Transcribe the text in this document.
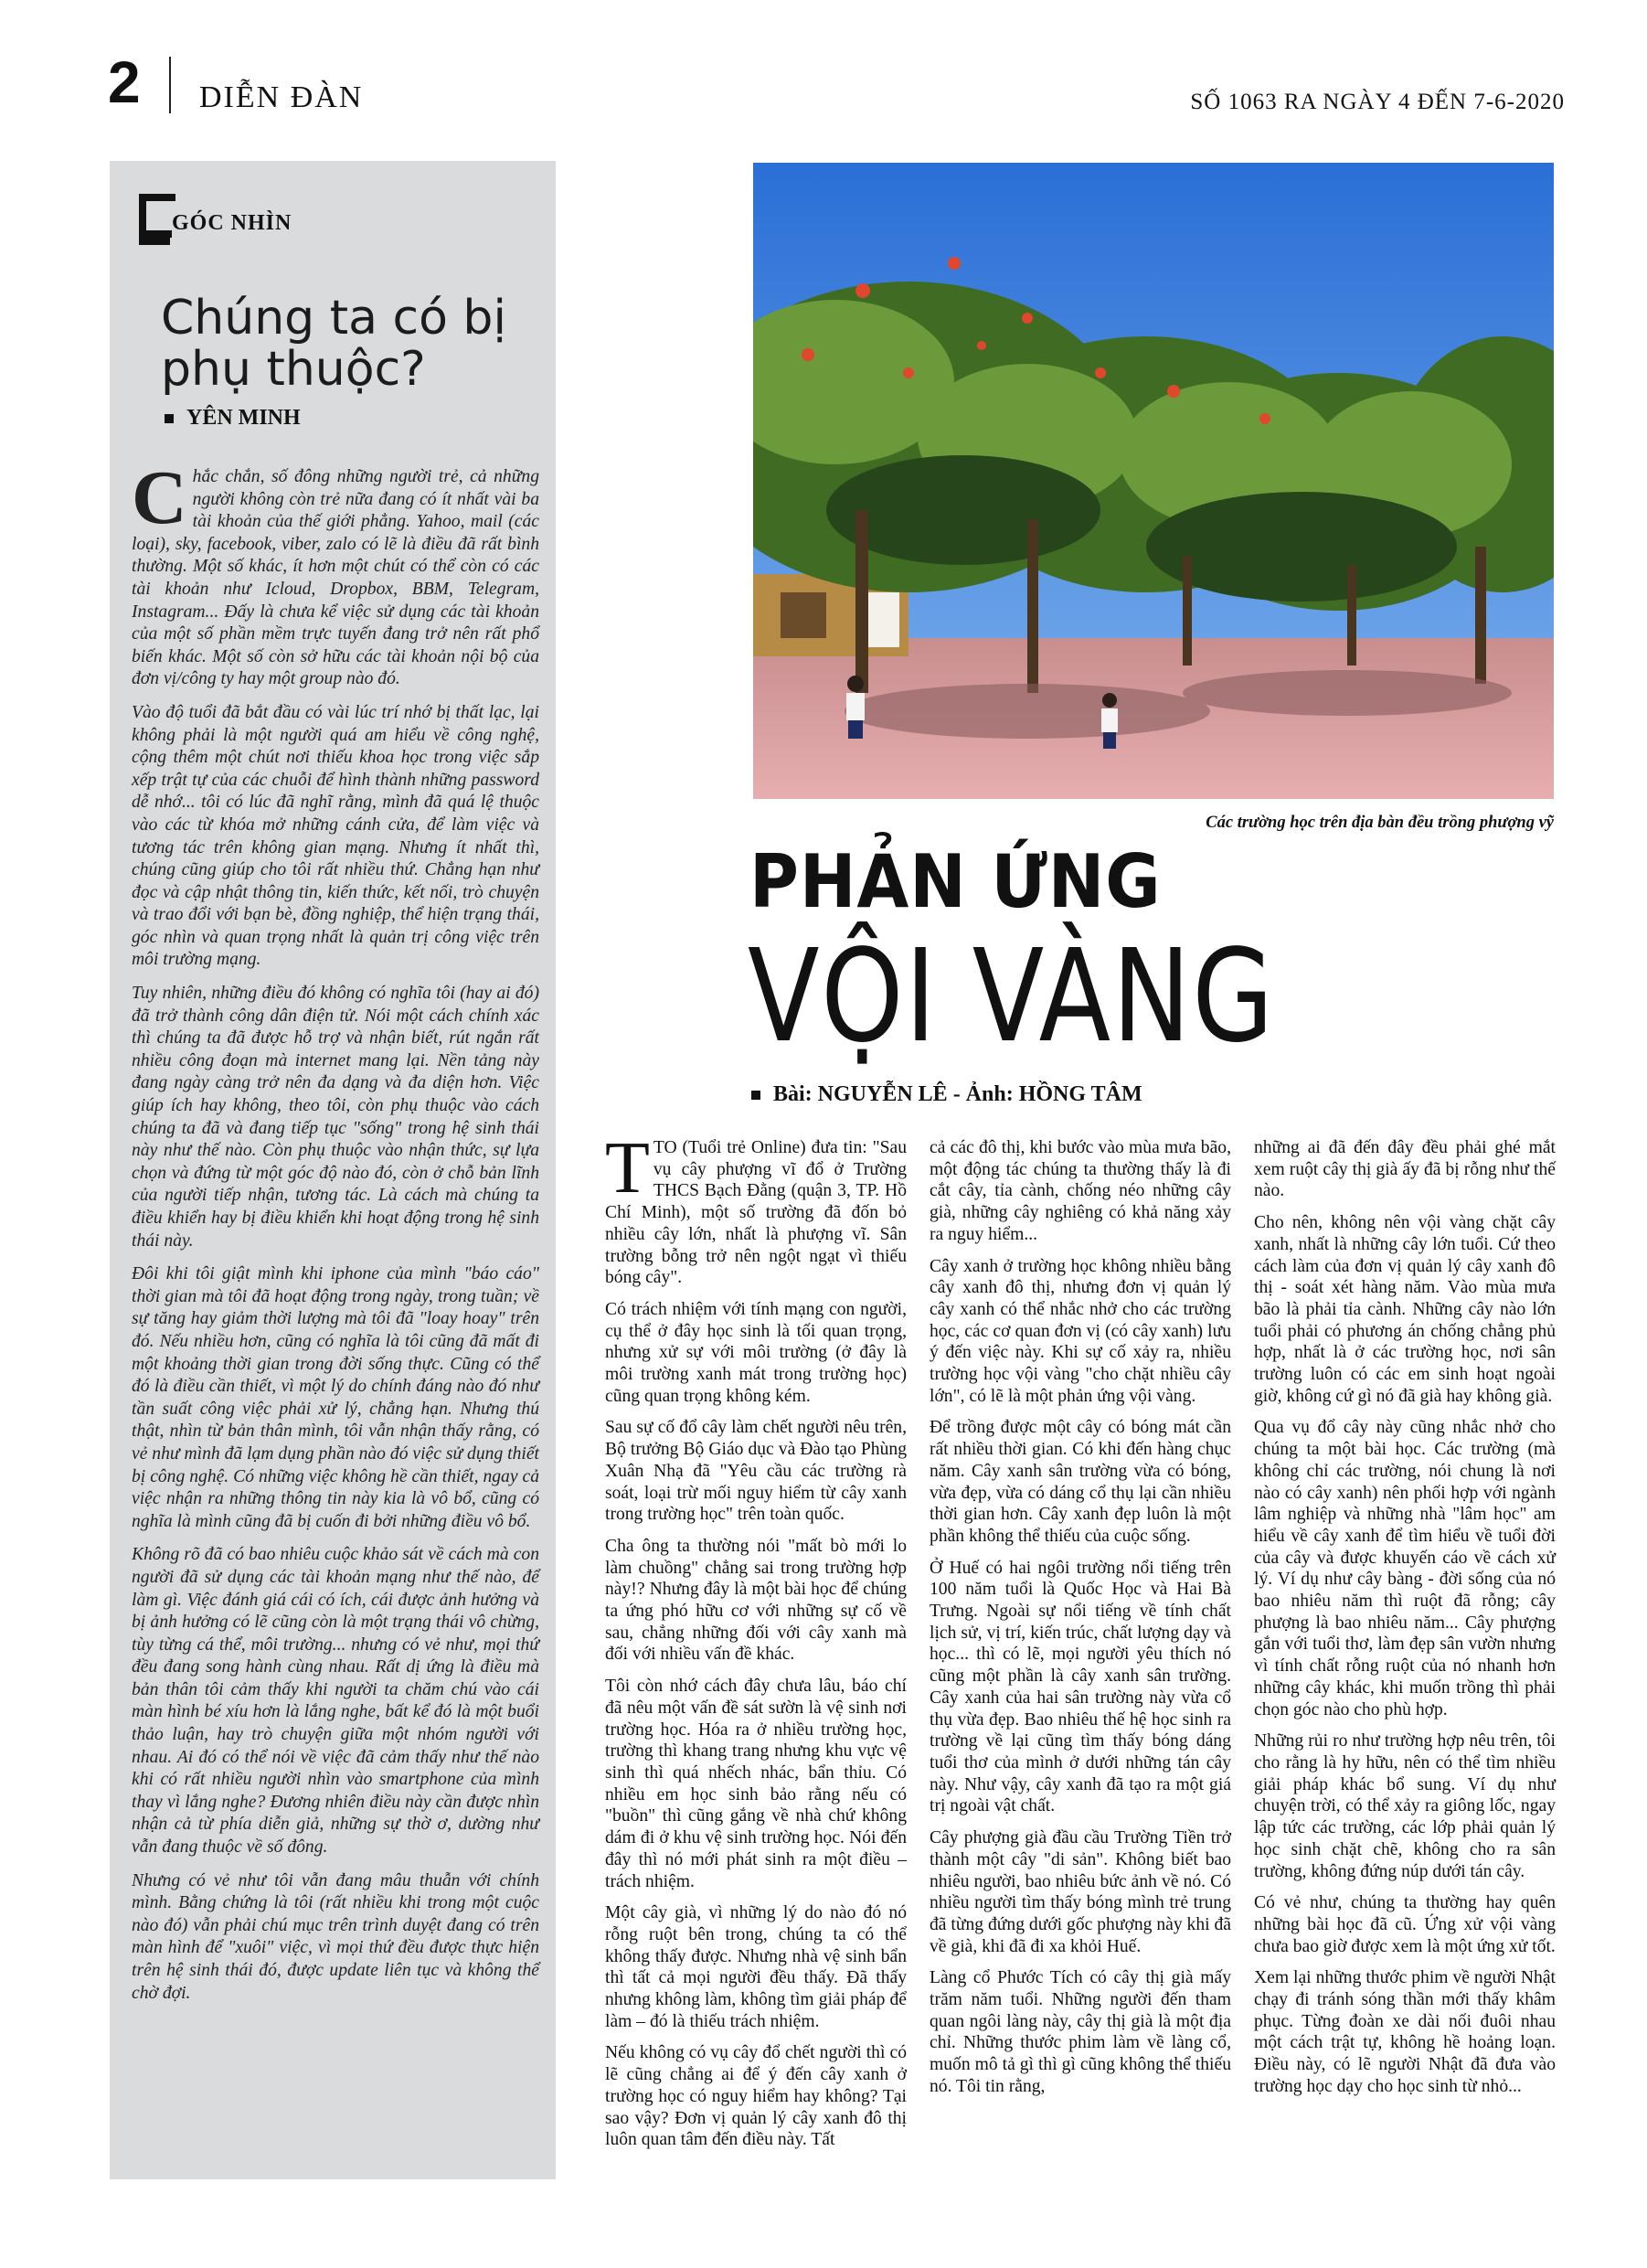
2 DIỄN ĐÀN	SỐ 1063 RA NGÀY 4 ĐẾN 7-6-2020
GÓC NHÌN
Chúng ta có bị phụ thuộc?
YÊN MINH

Chắc chắn, số đông những người trẻ, cả những người không còn trẻ nữa đang có ít nhất vài ba tài khoản của thế giới phẳng. Yahoo, mail (các loại), sky, facebook, viber, zalo có lẽ là điều đã rất bình thường. Một số khác, ít hơn một chút có thể còn có các tài khoản như Icloud, Dropbox, BBM, Telegram, Instagram... Đấy là chưa kể việc sử dụng các tài khoản của một số phần mềm trực tuyến đang trở nên rất phổ biến khác. Một số còn sở hữu các tài khoản nội bộ của đơn vị/công ty hay một group nào đó.

Vào độ tuổi đã bắt đầu có vài lúc trí nhớ bị thất lạc, lại không phải là một người quá am hiểu về công nghệ, cộng thêm một chút nơi thiếu khoa học trong việc sắp xếp trật tự của các chuỗi để hình thành những password dễ nhớ... tôi có lúc đã nghĩ rằng, mình đã quá lệ thuộc vào các từ khóa mở những cánh cửa, để làm việc và tương tác trên không gian mạng. Nhưng ít nhất thì, chúng cũng giúp cho tôi rất nhiều thứ. Chẳng hạn như đọc và cập nhật thông tin, kiến thức, kết nối, trò chuyện và trao đổi với bạn bè, đồng nghiệp, thể hiện trạng thái, góc nhìn và quan trọng nhất là quản trị công việc trên môi trường mạng.

Tuy nhiên, những điều đó không có nghĩa tôi (hay ai đó) đã trở thành công dân điện tử. Nói một cách chính xác thì chúng ta đã được hỗ trợ và nhận biết, rút ngắn rất nhiều công đoạn mà internet mang lại. Nền tảng này đang ngày càng trở nên đa dạng và đa diện hơn. Việc giúp ích hay không, theo tôi, còn phụ thuộc vào cách chúng ta đã và đang tiếp tục "sống" trong hệ sinh thái này như thế nào. Còn phụ thuộc vào nhận thức, sự lựa chọn và đứng từ một góc độ nào đó, còn ở chỗ bản lĩnh của người tiếp nhận, tương tác. Là cách mà chúng ta điều khiển hay bị điều khiển khi hoạt động trong hệ sinh thái này.

Đôi khi tôi giật mình khi iphone của mình "báo cáo" thời gian mà tôi đã hoạt động trong ngày, trong tuần; về sự tăng hay giảm thời lượng mà tôi đã "loay hoay" trên đó. Nếu nhiều hơn, cũng có nghĩa là tôi cũng đã mất đi một khoảng thời gian trong đời sống thực. Cũng có thể đó là điều cần thiết, vì một lý do chính đáng nào đó như tần suất công việc phải xử lý, chẳng hạn. Nhưng thú thật, nhìn từ bản thân mình, tôi vẫn nhận thấy rằng, có vẻ như mình đã lạm dụng phần nào đó việc sử dụng thiết bị công nghệ. Có những việc không hề cần thiết, ngay cả việc nhận ra những thông tin này kia là vô bổ, cũng có nghĩa là mình cũng đã bị cuốn đi bởi những điều vô bổ.

Không rõ đã có bao nhiêu cuộc khảo sát về cách mà con người đã sử dụng các tài khoản mạng như thế nào, để làm gì. Việc đánh giá cái có ích, cái được ảnh hưởng và bị ảnh hưởng có lẽ cũng còn là một trạng thái vô chừng, tùy từng cá thể, môi trường... nhưng có vẻ như, mọi thứ đều đang song hành cùng nhau. Rất dị ứng là điều mà bản thân tôi cảm thấy khi người ta chăm chú vào cái màn hình bé xíu hơn là lắng nghe, bất kể đó là một buổi thảo luận, hay trò chuyện giữa một nhóm người với nhau. Ai đó có thể nói về việc đã cảm thấy như thế nào khi có rất nhiều người nhìn vào smartphone của mình thay vì lắng nghe? Đương nhiên điều này cần được nhìn nhận cả từ phía diễn giả, những sự thờ ơ, dường như vẫn đang thuộc về số đông.

Nhưng có vẻ như tôi vẫn đang mâu thuẫn với chính mình. Bằng chứng là tôi (rất nhiều khi trong một cuộc nào đó) vẫn phải chú mục trên trình duyệt đang có trên màn hình để "xuôi" việc, vì mọi thứ đều được thực hiện trên hệ sinh thái đó, được update liên tục và không thể chờ đợi.

Các trường học trên địa bàn đều trồng phượng vỹ
PHẢN ỨNG
VỘI VÀNG
Bài: NGUYỄN LÊ - Ảnh: HỒNG TÂM

TTO (Tuổi trẻ Online) đưa tin: "Sau vụ cây phượng vĩ đổ ở Trường THCS Bạch Đằng (quận 3, TP. Hồ Chí Minh), một số trường đã đốn bỏ nhiều cây lớn, nhất là phượng vĩ. Sân trường bỗng trở nên ngột ngạt vì thiếu bóng cây".

Có trách nhiệm với tính mạng con người, cụ thể ở đây học sinh là tối quan trọng, nhưng xử sự với môi trường (ở đây là môi trường xanh mát trong trường học) cũng quan trọng không kém.

Sau sự cố đổ cây làm chết người nêu trên, Bộ trưởng Bộ Giáo dục và Đào tạo Phùng Xuân Nhạ đã "Yêu cầu các trường rà soát, loại trừ mối nguy hiểm từ cây xanh trong trường học" trên toàn quốc.

Cha ông ta thường nói "mất bò mới lo làm chuồng" chẳng sai trong trường hợp này!? Nhưng đây là một bài học để chúng ta ứng phó hữu cơ với những sự cố về sau, chẳng những đối với cây xanh mà đối với nhiều vấn đề khác.

Tôi còn nhớ cách đây chưa lâu, báo chí đã nêu một vấn đề sát sườn là vệ sinh nơi trường học. Hóa ra ở nhiều trường học, trường thì khang trang nhưng khu vực vệ sinh thì quá nhếch nhác, bẩn thỉu. Có nhiều em học sinh bảo rằng nếu có "buồn" thì cũng gắng về nhà chứ không dám đi ở khu vệ sinh trường học. Nói đến đây thì nó mới phát sinh ra một điều – trách nhiệm.

Một cây già, vì những lý do nào đó nó rỗng ruột bên trong, chúng ta có thể không thấy được. Nhưng nhà vệ sinh bẩn thì tất cả mọi người đều thấy. Đã thấy nhưng không làm, không tìm giải pháp để làm – đó là thiếu trách nhiệm.

Nếu không có vụ cây đổ chết người thì có lẽ cũng chẳng ai để ý đến cây xanh ở trường học có nguy hiểm hay không? Tại sao vậy? Đơn vị quản lý cây xanh đô thị luôn quan tâm đến điều này. Tất

cả các đô thị, khi bước vào mùa mưa bão, một động tác chúng ta thường thấy là đi cắt cây, tỉa cành, chống néo những cây già, những cây nghiêng có khả năng xảy ra nguy hiểm...

Cây xanh ở trường học không nhiều bằng cây xanh đô thị, nhưng đơn vị quản lý cây xanh có thể nhắc nhở cho các trường học, các cơ quan đơn vị (có cây xanh) lưu ý đến việc này. Khi sự cố xảy ra, nhiều trường học vội vàng "cho chặt nhiều cây lớn", có lẽ là một phản ứng vội vàng.

Để trồng được một cây có bóng mát cần rất nhiều thời gian. Có khi đến hàng chục năm. Cây xanh sân trường vừa có bóng, vừa đẹp, vừa có dáng cổ thụ lại cần nhiều thời gian hơn. Cây xanh đẹp luôn là một phần không thể thiếu của cuộc sống.

Ở Huế có hai ngôi trường nổi tiếng trên 100 năm tuổi là Quốc Học và Hai Bà Trưng. Ngoài sự nổi tiếng về tính chất lịch sử, vị trí, kiến trúc, chất lượng dạy và học... thì có lẽ, mọi người yêu thích nó cũng một phần là cây xanh sân trường. Cây xanh của hai sân trường này vừa cổ thụ vừa đẹp. Bao nhiêu thế hệ học sinh ra trường về lại cũng tìm thấy bóng dáng tuổi thơ của mình ở dưới những tán cây này. Như vậy, cây xanh đã tạo ra một giá trị ngoài vật chất.

Cây phượng già đầu cầu Trường Tiền trở thành một cây "di sản". Không biết bao nhiêu người, bao nhiêu bức ảnh về nó. Có nhiều người tìm thấy bóng mình trẻ trung đã từng đứng dưới gốc phượng này khi đã về già, khi đã đi xa khỏi Huế.

Làng cổ Phước Tích có cây thị già mấy trăm năm tuổi. Những người đến tham quan ngôi làng này, cây thị già là một địa chỉ. Những thước phim làm về làng cổ, muốn mô tả gì thì gì cũng không thể thiếu nó. Tôi tin rằng,

những ai đã đến đây đều phải ghé mắt xem ruột cây thị già ấy đã bị rỗng như thế nào.

Cho nên, không nên vội vàng chặt cây xanh, nhất là những cây lớn tuổi. Cứ theo cách làm của đơn vị quản lý cây xanh đô thị - soát xét hàng năm. Vào mùa mưa bão là phải tỉa cành. Những cây nào lớn tuổi phải có phương án chống chẳng phủ hợp, nhất là ở các trường học, nơi sân trường luôn có các em sinh hoạt ngoài giờ, không cứ gì nó đã già hay không già.

Qua vụ đổ cây này cũng nhắc nhở cho chúng ta một bài học. Các trường (mà không chỉ các trường, nói chung là nơi nào có cây xanh) nên phối hợp với ngành lâm nghiệp và những nhà "lâm học" am hiểu về cây xanh để tìm hiểu về tuổi đời của cây và được khuyến cáo về cách xử lý. Ví dụ như cây bàng - đời sống của nó bao nhiêu năm thì ruột đã rỗng; cây phượng là bao nhiêu năm... Cây phượng gắn với tuổi thơ, làm đẹp sân vườn nhưng vì tính chất rỗng ruột của nó nhanh hơn những cây khác, khi muốn trồng thì phải chọn góc nào cho phù hợp.

Những rủi ro như trường hợp nêu trên, tôi cho rằng là hy hữu, nên có thể tìm nhiều giải pháp khác bổ sung. Ví dụ như chuyện trời, có thể xảy ra giông lốc, ngay lập tức các trường, các lớp phải quản lý học sinh chặt chẽ, không cho ra sân trường, không đứng núp dưới tán cây.

Có vẻ như, chúng ta thường hay quên những bài học đã cũ. Ứng xử vội vàng chưa bao giờ được xem là một ứng xử tốt.

Xem lại những thước phim về người Nhật chạy đi tránh sóng thần mới thấy khâm phục. Từng đoàn xe dài nối đuôi nhau một cách trật tự, không hề hoảng loạn. Điều này, có lẽ người Nhật đã đưa vào trường học dạy cho học sinh từ nhỏ...
